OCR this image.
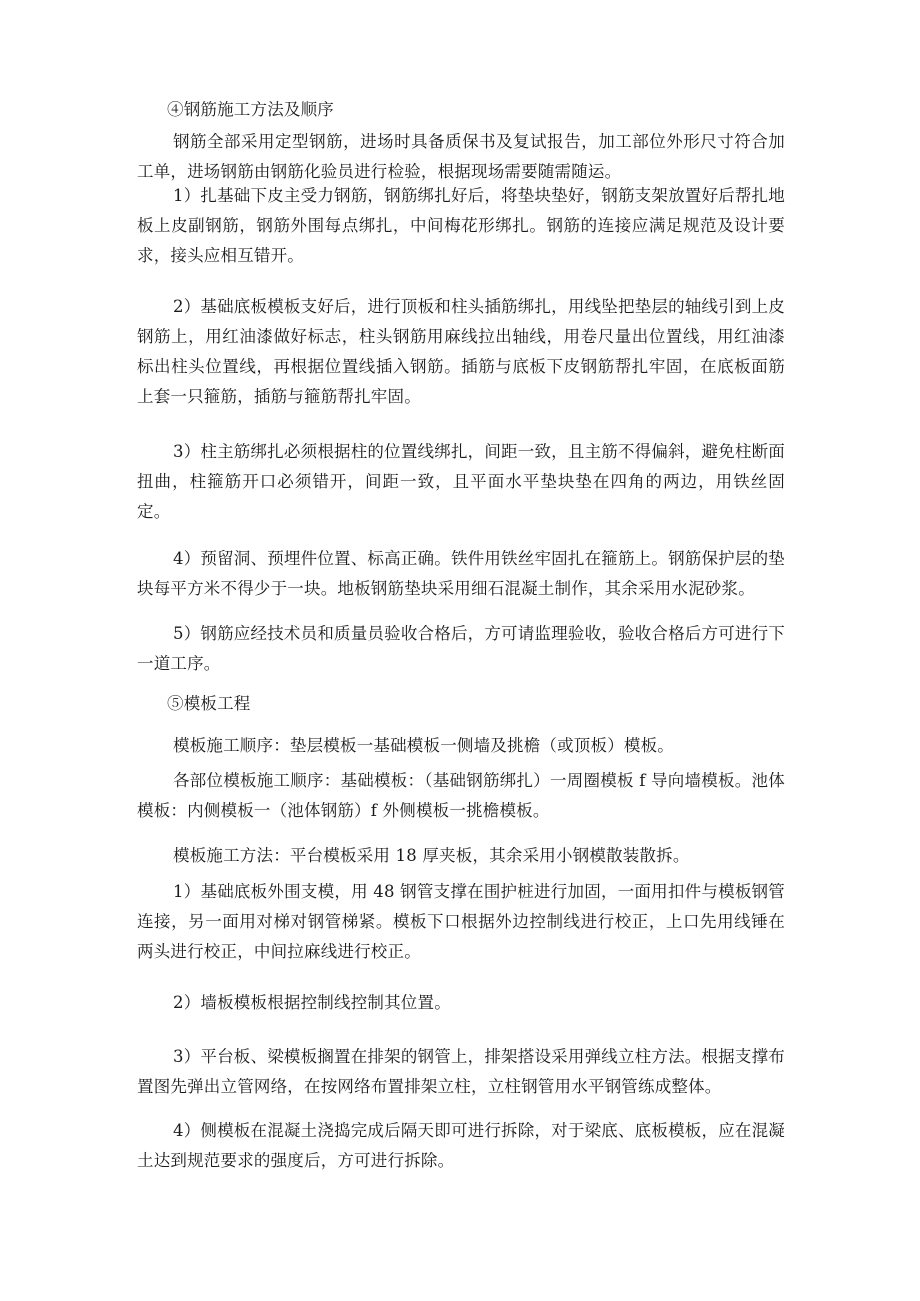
④钢筋施工方法及顺序

钢筋全部采用定型钢筋，进场时具备质保书及复试报告，加工部位外形尺寸符合加工单，进场钢筋由钢筋化验员进行检验，根据现场需要随需随运。

1）扎基础下皮主受力钢筋，钢筋绑扎好后，将垫块垫好，钢筋支架放置好后帮扎地板上皮副钢筋，钢筋外围每点绑扎，中间梅花形绑扎。钢筋的连接应满足规范及设计要求，接头应相互错开。

2）基础底板模板支好后，进行顶板和柱头插筋绑扎，用线坠把垫层的轴线引到上皮钢筋上，用红油漆做好标志，柱头钢筋用麻线拉出轴线，用卷尺量出位置线，用红油漆标出柱头位置线，再根据位置线插入钢筋。插筋与底板下皮钢筋帮扎牢固，在底板面筋上套一只箍筋，插筋与箍筋帮扎牢固。

3）柱主筋绑扎必须根据柱的位置线绑扎，间距一致，且主筋不得偏斜，避免柱断面扭曲，柱箍筋开口必须错开，间距一致，且平面水平垫块垫在四角的两边，用铁丝固定。

4）预留洞、预埋件位置、标高正确。铁件用铁丝牢固扎在箍筋上。钢筋保护层的垫块每平方米不得少于一块。地板钢筋垫块采用细石混凝土制作，其余采用水泥砂浆。

5）钢筋应经技术员和质量员验收合格后，方可请监理验收，验收合格后方可进行下一道工序。

⑤模板工程

模板施工顺序：垫层模板一基础模板一侧墙及挑檐（或顶板）模板。

各部位模板施工顺序：基础模板：（基础钢筋绑扎）一周圈模板 f 导向墙模板。池体模板：内侧模板一（池体钢筋）f 外侧模板一挑檐模板。

模板施工方法：平台模板采用 18 厚夹板，其余采用小钢模散装散拆。

1）基础底板外围支模，用 48 钢管支撑在围护桩进行加固，一面用扣件与模板钢管连接，另一面用对梯对钢管梯紧。模板下口根据外边控制线进行校正，上口先用线锤在两头进行校正，中间拉麻线进行校正。

2）墙板模板根据控制线控制其位置。

3）平台板、梁模板搁置在排架的钢管上，排架搭设采用弹线立柱方法。根据支撑布置图先弹出立管网络，在按网络布置排架立柱，立柱钢管用水平钢管练成整体。

4）侧模板在混凝土浇捣完成后隔天即可进行拆除，对于梁底、底板模板，应在混凝土达到规范要求的强度后，方可进行拆除。
